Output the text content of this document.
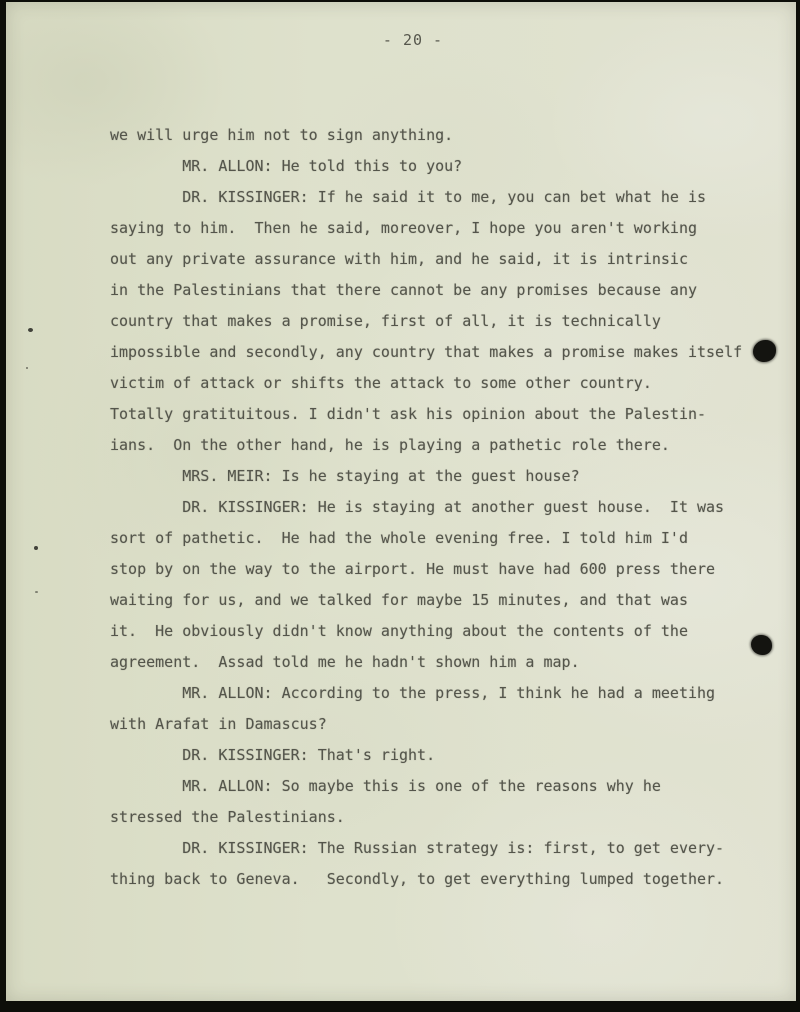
- 20 -
we will urge him not to sign anything.
MR. ALLON: He told this to you?
DR. KISSINGER: If he said it to me, you can bet what he is
saying to him.  Then he said, moreover, I hope you aren't working
out any private assurance with him, and he said, it is intrinsic
in the Palestinians that there cannot be any promises because any
country that makes a promise, first of all, it is technically
impossible and secondly, any country that makes a promise makes itself
victim of attack or shifts the attack to some other country.
Totally gratituitous. I didn't ask his opinion about the Palestin-
ians.  On the other hand, he is playing a pathetic role there.
MRS. MEIR: Is he staying at the guest house?
DR. KISSINGER: He is staying at another guest house.  It was
sort of pathetic.  He had the whole evening free. I told him I'd
stop by on the way to the airport. He must have had 600 press there
waiting for us, and we talked for maybe 15 minutes, and that was
it.  He obviously didn't know anything about the contents of the
agreement.  Assad told me he hadn't shown him a map.
MR. ALLON: According to the press, I think he had a meetihg
with Arafat in Damascus?
DR. KISSINGER: That's right.
MR. ALLON: So maybe this is one of the reasons why he
stressed the Palestinians.
DR. KISSINGER: The Russian strategy is: first, to get every-
thing back to Geneva.   Secondly, to get everything lumped together.
